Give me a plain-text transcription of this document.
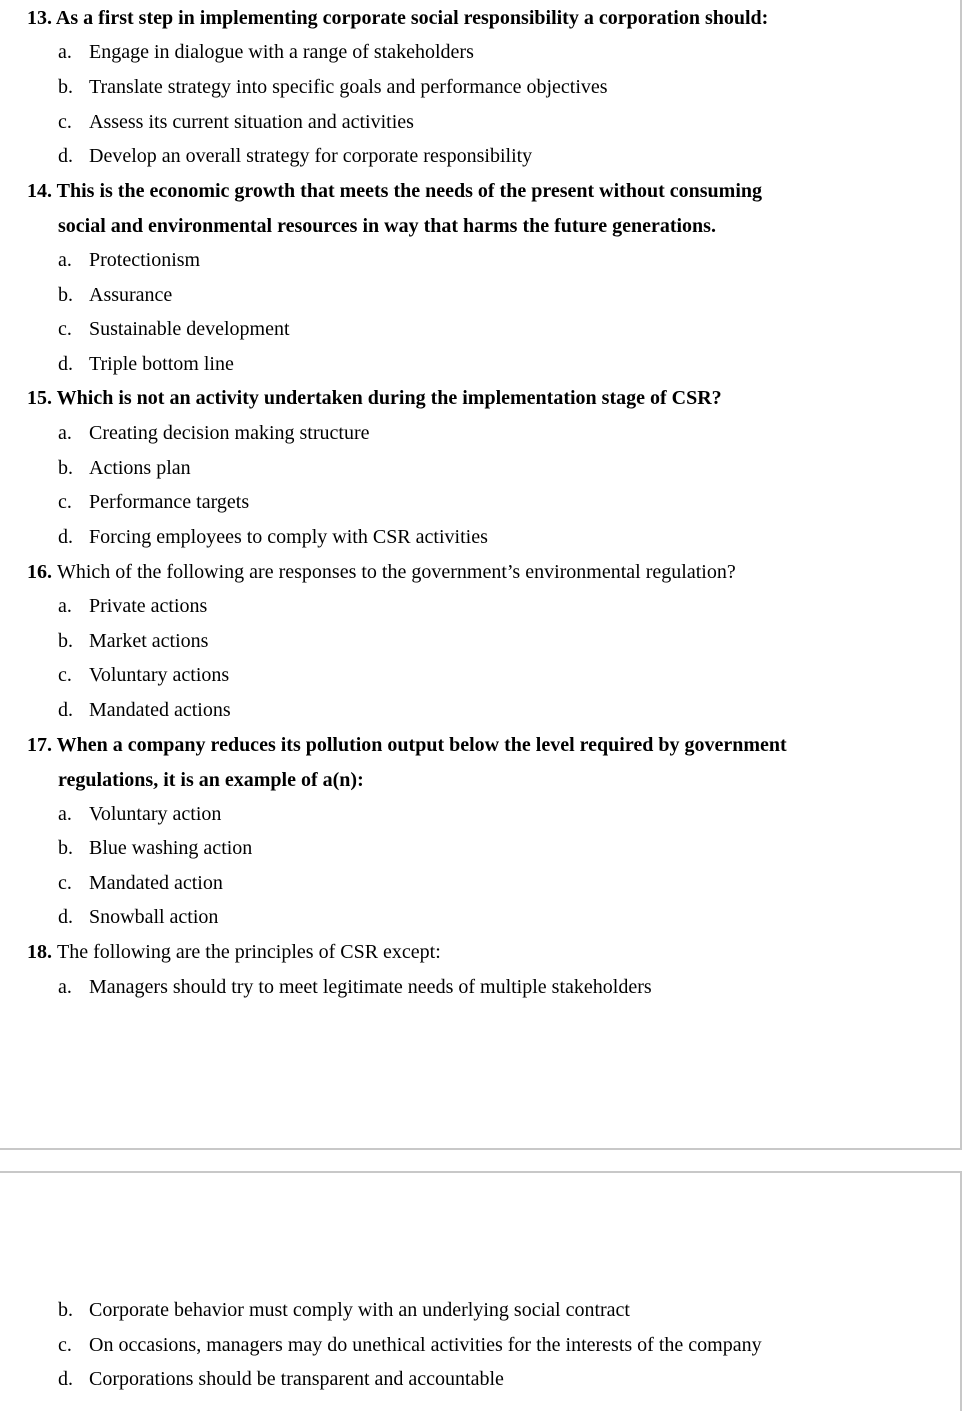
13. As a first step in implementing corporate social responsibility a corporation should:
a. Engage in dialogue with a range of stakeholders
b. Translate strategy into specific goals and performance objectives
c. Assess its current situation and activities
d. Develop an overall strategy for corporate responsibility
14. This is the economic growth that meets the needs of the present without consuming
social and environmental resources in way that harms the future generations.
a. Protectionism
b. Assurance
c. Sustainable development
d. Triple bottom line
15. Which is not an activity undertaken during the implementation stage of CSR?
a. Creating decision making structure
b. Actions plan
c. Performance targets
d. Forcing employees to comply with CSR activities
16. Which of the following are responses to the government’s environmental regulation?
a. Private actions
b. Market actions
c. Voluntary actions
d. Mandated actions
17. When a company reduces its pollution output below the level required by government
regulations, it is an example of a(n):
a. Voluntary action
b. Blue washing action
c. Mandated action
d. Snowball action
18. The following are the principles of CSR except:
a. Managers should try to meet legitimate needs of multiple stakeholders
b. Corporate behavior must comply with an underlying social contract
c. On occasions, managers may do unethical activities for the interests of the company
d. Corporations should be transparent and accountable
